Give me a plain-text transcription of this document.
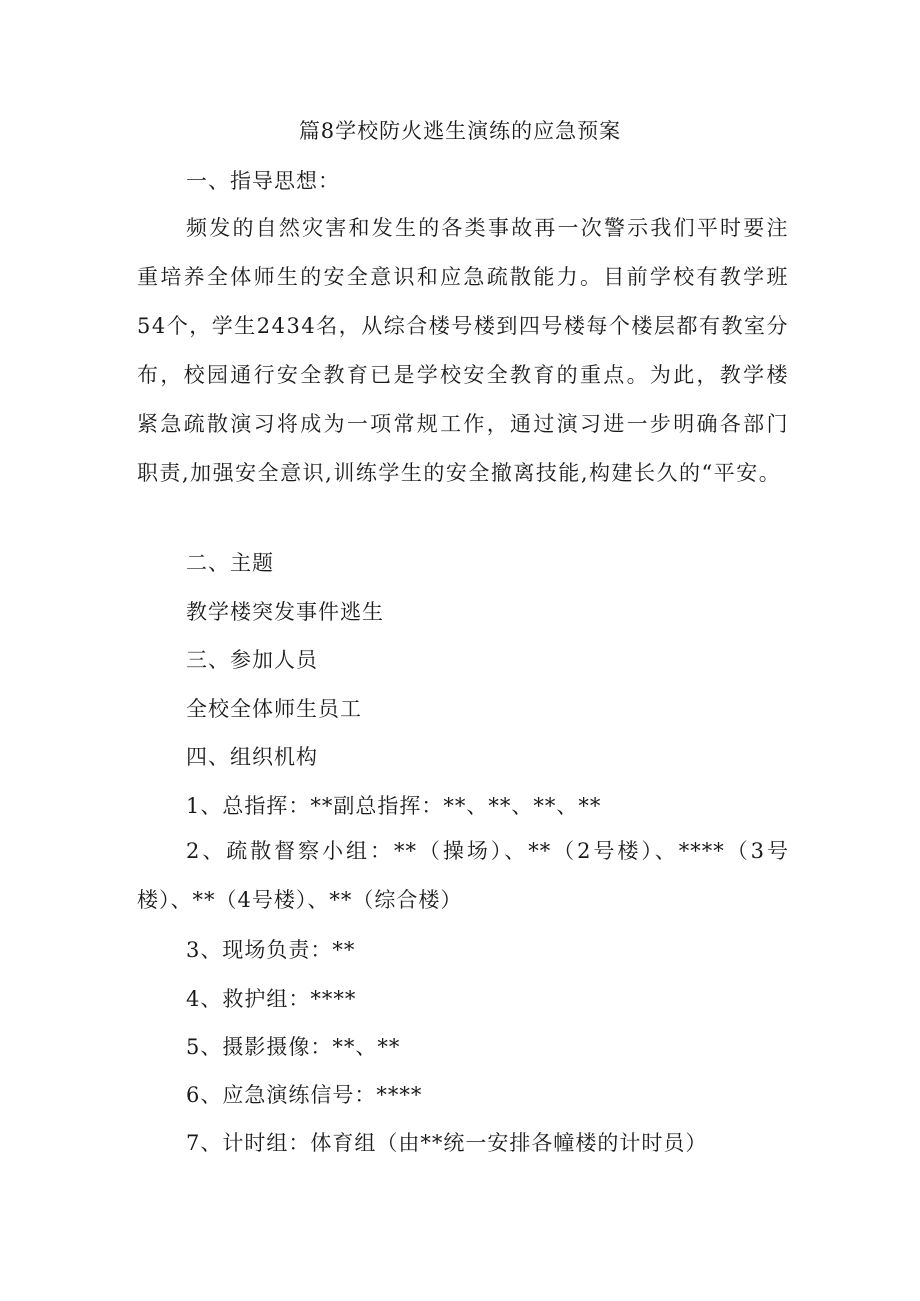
篇8学校防火逃生演练的应急预案
一、指导思想：
频发的自然灾害和发生的各类事故再一次警示我们平时要注重培养全体师生的安全意识和应急疏散能力。目前学校有教学班54个，学生2434名，从综合楼号楼到四号楼每个楼层都有教室分布，校园通行安全教育已是学校安全教育的重点。为此，教学楼紧急疏散演习将成为一项常规工作，通过演习进一步明确各部门职责,加强安全意识,训练学生的安全撤离技能,构建长久的“平安。
二、主题
教学楼突发事件逃生
三、参加人员
全校全体师生员工
四、组织机构
1、总指挥：**副总指挥：**、**、**、**
2、疏散督察小组：**（操场）、**（2号楼）、****（3号楼）、**（4号楼）、**（综合楼）
3、现场负责：**
4、救护组：****
5、摄影摄像：**、**
6、应急演练信号：****
7、计时组：体育组（由**统一安排各幢楼的计时员）
